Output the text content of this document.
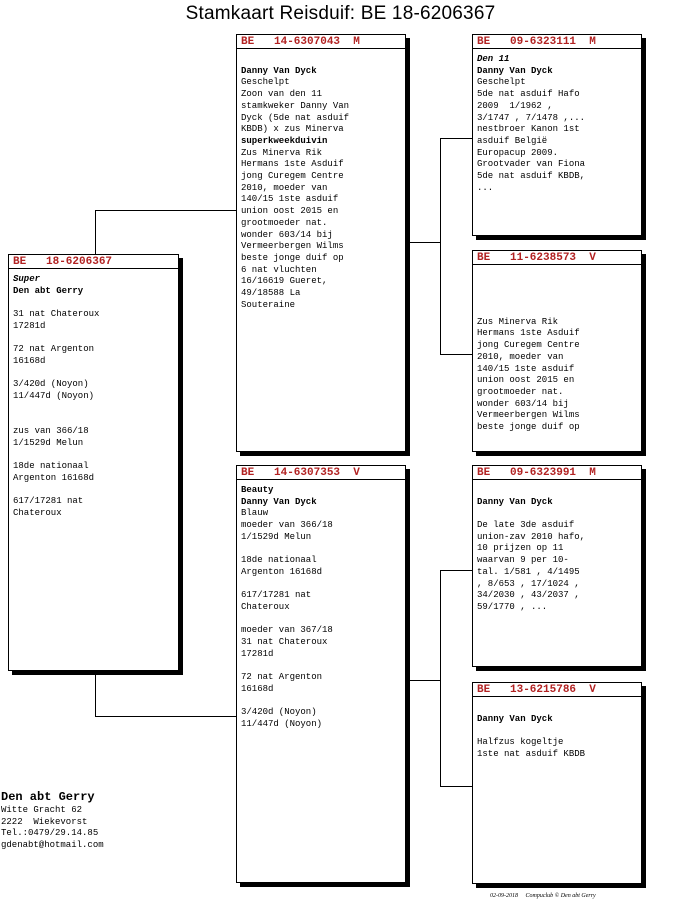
Stamkaart Reisduif: BE 18-6206367
BE   18-6206367
Super
Den abt Gerry
31 nat Chateroux
17281d
72 nat Argenton
16168d
3/420d (Noyon)
11/447d (Noyon)
zus van 366/18
1/1529d Melun
18de nationaal
Argenton 16168d
617/17281 nat
Chateroux
BE   14-6307043  M
Danny Van Dyck
Geschelpt
Zoon van den 11
stamkweker Danny Van
Dyck (5de nat asduif
KBDB) x zus Minerva
superkweekduivin
Zus Minerva Rik
Hermans 1ste Asduif
jong Curegem Centre
2010, moeder van
140/15 1ste asduif
union oost 2015 en
grootmoeder nat.
wonder 603/14 bij
Vermeerbergen Wilms
beste jonge duif op
6 nat vluchten
16/16619 Gueret,
49/18588 La
Souteraine
BE   14-6307353  V
Beauty
Danny Van Dyck
Blauw
moeder van 366/18
1/1529d Melun
18de nationaal
Argenton 16168d
617/17281 nat
Chateroux
moeder van 367/18
31 nat Chateroux
17281d
72 nat Argenton
16168d
3/420d (Noyon)
11/447d (Noyon)
BE   09-6323111  M
Den 11
Danny Van Dyck
Geschelpt
5de nat asduif Hafo
2009  1/1962 ,
3/1747 , 7/1478 ,...
nestbroer Kanon 1st
asduif België
Europacup 2009.
Grootvader van Fiona
5de nat asduif KBDB,
...
BE   11-6238573  V
Zus Minerva Rik
Hermans 1ste Asduif
jong Curegem Centre
2010, moeder van
140/15 1ste asduif
union oost 2015 en
grootmoeder nat.
wonder 603/14 bij
Vermeerbergen Wilms
beste jonge duif op
BE   09-6323991  M
Danny Van Dyck
De late 3de asduif
union-zav 2010 hafo,
10 prijzen op 11
waarvan 9 per 10-
tal. 1/581 , 4/1495
, 8/653 , 17/1024 ,
34/2030 , 43/2037 ,
59/1770 , ...
BE   13-6215786  V
Danny Van Dyck
Halfzus kogeltje
1ste nat asduif KBDB
Den abt Gerry
Witte Gracht 62
2222  Wiekevorst
Tel.:0479/29.14.85
gdenabt@hotmail.com
02-09-2018     Compuclub © Den abt Gerry
